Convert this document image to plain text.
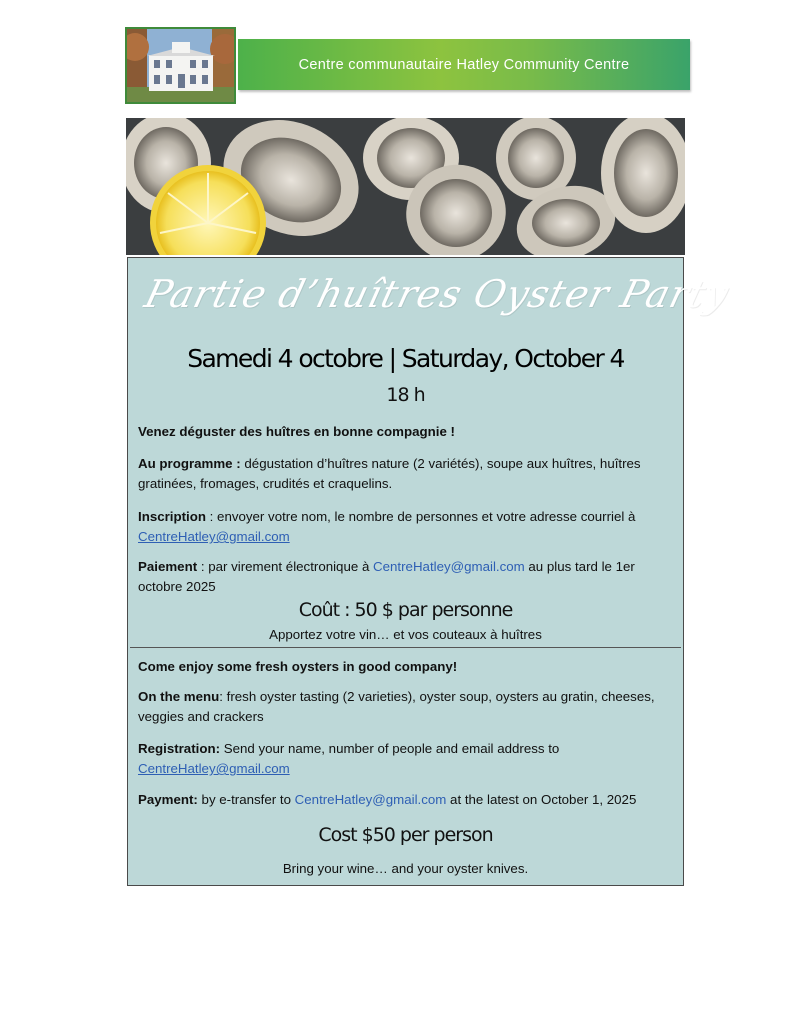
Centre communautaire Hatley Community Centre
Partie d’huîtres Oyster Party
Samedi 4 octobre | Saturday, October 4
18 h
Venez déguster des huîtres en bonne compagnie !
Au programme : dégustation d’huîtres nature (2 variétés), soupe aux huîtres, huîtres gratinées, fromages, crudités et craquelins.
Inscription : envoyer votre nom, le nombre de personnes et votre adresse courriel à CentreHatley@gmail.com
Paiement : par virement électronique à CentreHatley@gmail.com au plus tard le 1er octobre 2025
Coût : 50 $ par personne
Apportez votre vin… et vos couteaux à huîtres
Come enjoy some fresh oysters in good company!
On the menu: fresh oyster tasting (2 varieties), oyster soup, oysters au gratin, cheeses, veggies and crackers
Registration: Send your name, number of people and email address to CentreHatley@gmail.com
Payment: by e-transfer to CentreHatley@gmail.com at the latest on October 1, 2025
Cost $50 per person
Bring your wine… and your oyster knives.
